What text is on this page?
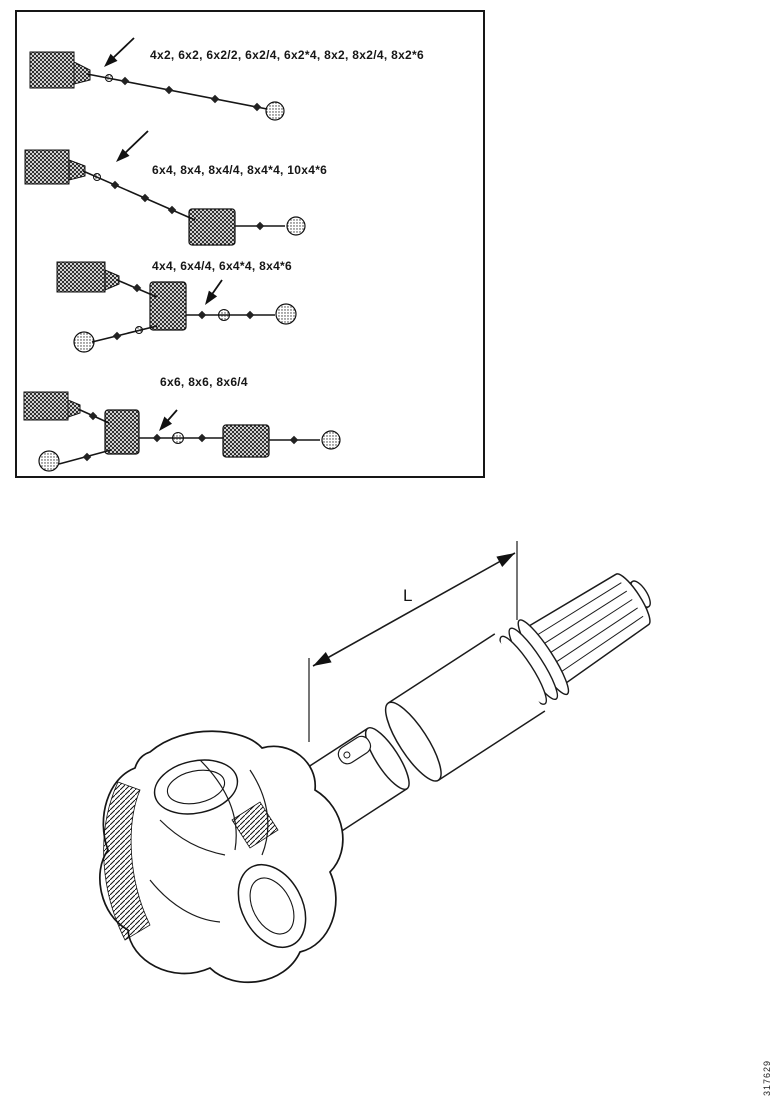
4x2, 6x2, 6x2/2, 6x2/4, 6x2*4, 8x2, 8x2/4, 8x2*6
6x4, 8x4, 8x4/4, 8x4*4, 10x4*6
4x4, 6x4/4, 6x4*4, 8x4*6
6x6, 8x6, 8x6/4
L
317629
